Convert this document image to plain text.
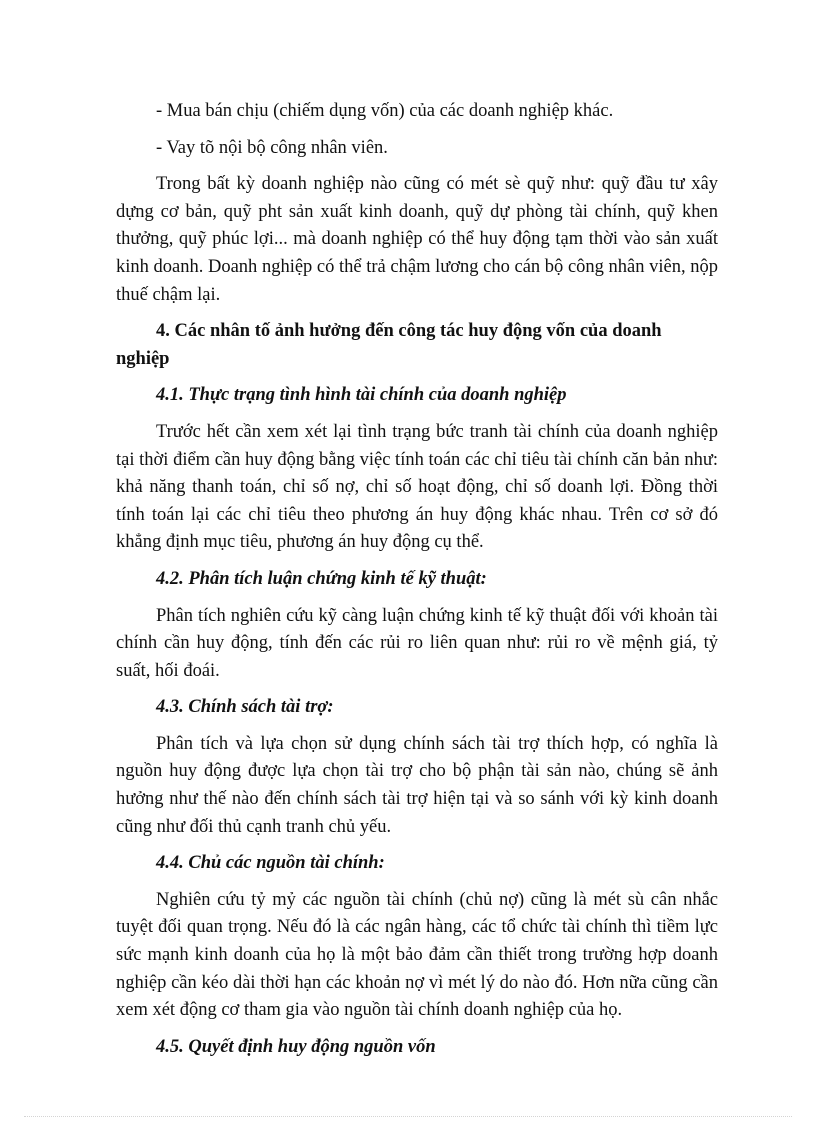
- Mua bán chịu (chiếm dụng vốn) của các doanh nghiệp khác.

- Vay tõ nội bộ công nhân viên.

Trong bất kỳ doanh nghiệp nào cũng có mét sè quỹ như: quỹ đầu tư xây dựng cơ bản, quỹ pht sản xuất kinh doanh, quỹ dự phòng tài chính, quỹ khen thưởng, quỹ phúc lợi... mà doanh nghiệp có thể huy động tạm thời vào sản xuất kinh doanh. Doanh nghiệp có thể trả chậm lương cho cán bộ công nhân viên, nộp thuế chậm lại.

4. Các nhân tố ảnh hưởng đến công tác huy động vốn của doanh nghiệp

4.1. Thực trạng tình hình tài chính của doanh nghiệp

Trước hết cần xem xét lại tình trạng bức tranh tài chính của doanh nghiệp tại thời điểm cần huy động bằng việc tính toán các chỉ tiêu tài chính căn bản như: khả năng thanh toán, chỉ số nợ, chỉ số hoạt động, chỉ số doanh lợi. Đồng thời tính toán lại các chỉ tiêu theo phương án huy động khác nhau. Trên cơ sở đó khẳng định mục tiêu, phương án huy động cụ thể.

4.2. Phân tích luận chứng kinh tế kỹ thuật:

Phân tích nghiên cứu kỹ càng luận chứng kinh tế kỹ thuật đối với khoản tài chính cần huy động, tính đến các rủi ro liên quan như: rủi ro về mệnh giá, tỷ suất, hối đoái.

4.3. Chính sách tài trợ:

Phân tích và lựa chọn sử dụng chính sách tài trợ thích hợp, có nghĩa là nguồn huy động được lựa chọn tài trợ cho bộ phận tài sản nào, chúng sẽ ảnh hưởng như thế nào đến chính sách tài trợ hiện tại và so sánh với kỳ kinh doanh cũng như đối thủ cạnh tranh chủ yếu.

4.4. Chủ các nguồn tài chính:

Nghiên cứu tỷ mỷ các nguồn tài chính (chủ nợ) cũng là mét sù cân nhắc tuyệt đối quan trọng. Nếu đó là các ngân hàng, các tổ chức tài chính thì tiềm lực sức mạnh kinh doanh của họ là một bảo đảm cần thiết trong trường hợp doanh nghiệp cần kéo dài thời hạn các khoản nợ vì mét lý do nào đó. Hơn nữa cũng cần xem xét động cơ tham gia vào nguồn tài chính doanh nghiệp của họ.

4.5. Quyết định huy động nguồn vốn
